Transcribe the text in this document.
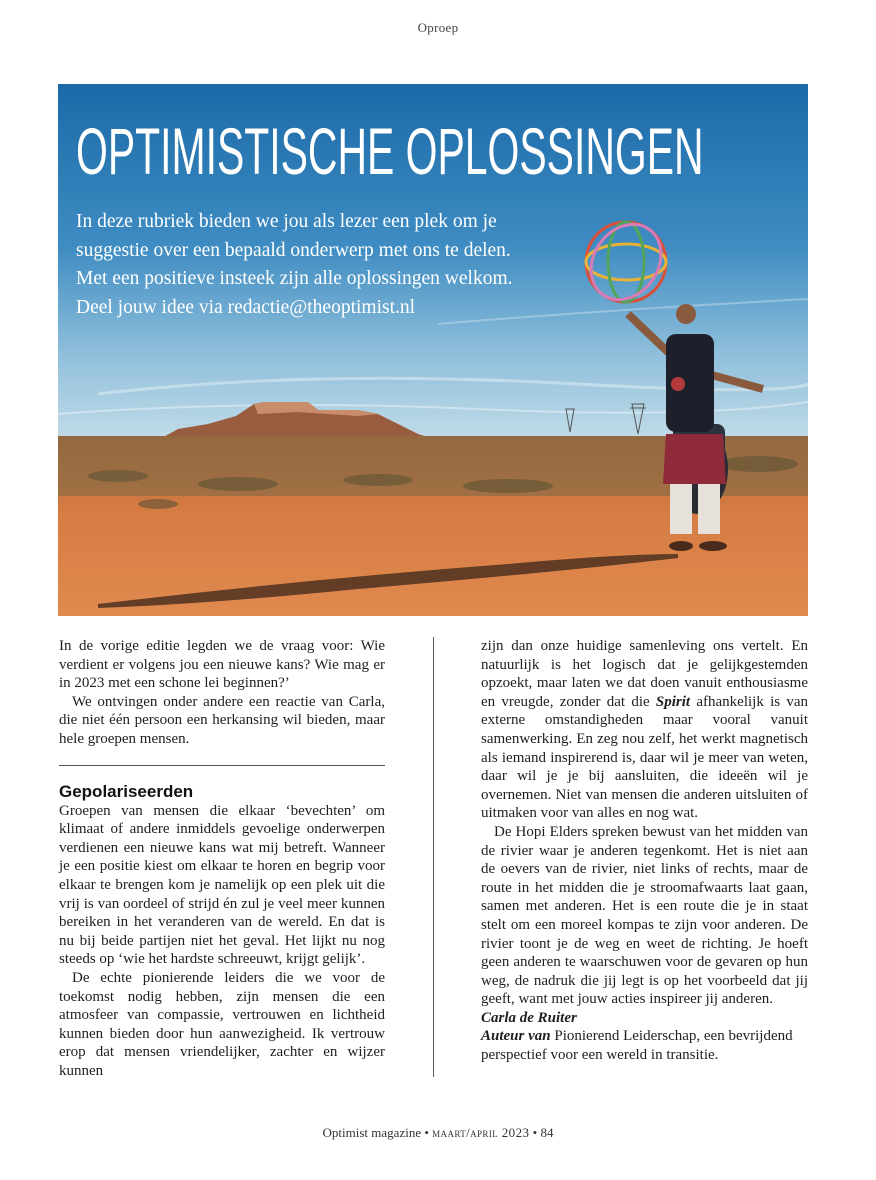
Oproep
OPTIMISTISCHE OPLOSSINGEN
In deze rubriek bieden we jou als lezer een plek om je
suggestie over een bepaald onderwerp met ons te delen.
Met een positieve insteek zijn alle oplossingen welkom.
Deel jouw idee via redactie@theoptimist.nl

In de vorige editie legden we de vraag voor: Wie verdient er volgens jou een nieuwe kans? Wie mag er in 2023 met een schone lei beginnen?’

We ontvingen onder andere een reactie van Carla, die niet één persoon een herkansing wil bieden, maar hele groepen mensen.

Gepolariseerden

Groepen van mensen die elkaar ‘bevechten’ om klimaat of andere inmiddels gevoelige onderwerpen verdienen een nieuwe kans wat mij betreft. Wanneer je een positie kiest om elkaar te horen en begrip voor elkaar te brengen kom je namelijk op een plek uit die vrij is van oordeel of strijd én zul je veel meer kunnen bereiken in het veranderen van de wereld. En dat is nu bij beide partijen niet het geval. Het lijkt nu nog steeds op ‘wie het hardste schreeuwt, krijgt gelijk’.

De echte pionierende leiders die we voor de toekomst nodig hebben, zijn mensen die een atmosfeer van compassie, vertrouwen en lichtheid kunnen bieden door hun aanwezigheid. Ik vertrouw erop dat mensen vriendelijker, zachter en wijzer kunnen

zijn dan onze huidige samenleving ons vertelt. En natuurlijk is het logisch dat je gelijkgestemden opzoekt, maar laten we dat doen vanuit enthousiasme en vreugde, zonder dat die Spirit afhankelijk is van externe omstandigheden maar vooral vanuit samenwerking. En zeg nou zelf, het werkt magnetisch als iemand inspirerend is, daar wil je meer van weten, daar wil je je bij aansluiten, die ideeën wil je overnemen. Niet van mensen die anderen uitsluiten of uitmaken voor van alles en nog wat.

De Hopi Elders spreken bewust van het midden van de rivier waar je anderen tegenkomt. Het is niet aan de oevers van de rivier, niet links of rechts, maar de route in het midden die je stroomafwaarts laat gaan, samen met anderen. Het is een route die je in staat stelt om een moreel kompas te zijn voor anderen. De rivier toont je de weg en weet de richting. Je hoeft geen anderen te waarschuwen voor de gevaren op hun weg, de nadruk die jij legt is op het voorbeeld dat jij geeft, want met jouw acties inspireer jij anderen.

Carla de Ruiter

Auteur van Pionierend Leiderschap, een bevrijdend perspectief voor een wereld in transitie.

Optimist magazine • maart/april 2023 • 84
